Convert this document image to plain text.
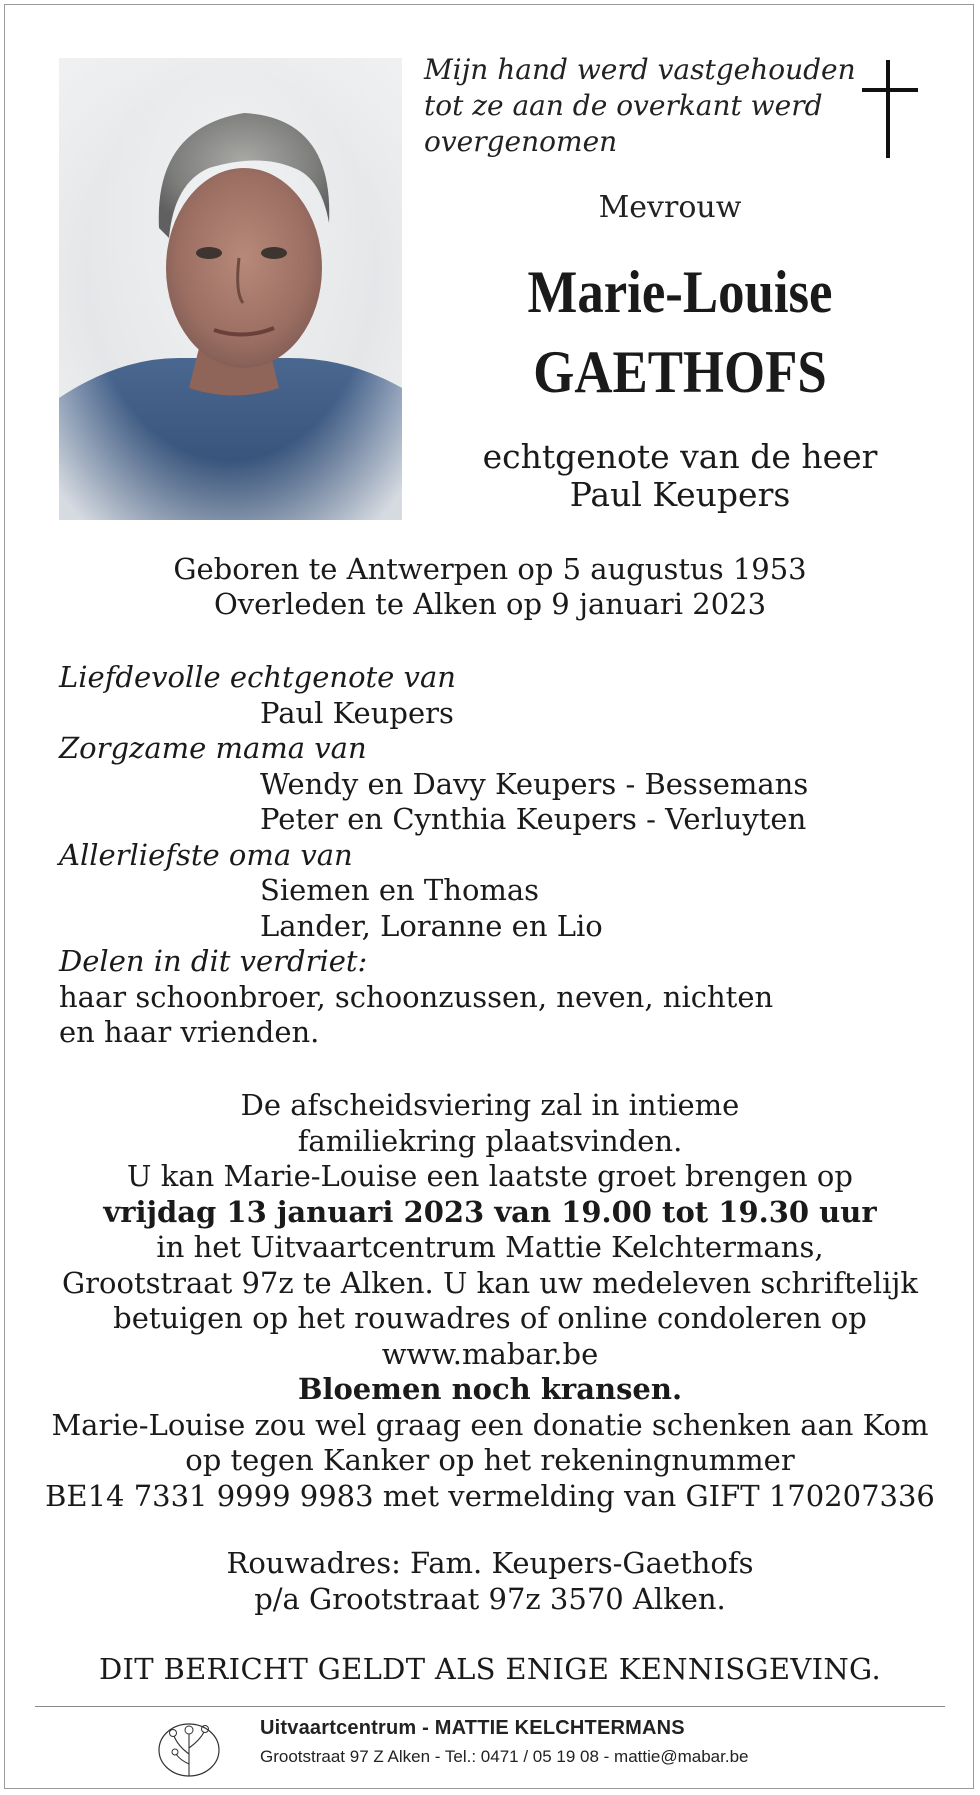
Mijn hand werd vastgehouden
tot ze aan de overkant werd
overgenomen
Mevrouw
Marie-Louise
GAETHOFS
echtgenote van de heer
Paul Keupers
Geboren te Antwerpen op 5 augustus 1953
Overleden te Alken op 9 januari 2023
Liefdevolle echtgenote van
Paul Keupers
Zorgzame mama van
Wendy en Davy Keupers - Bessemans
Peter en Cynthia Keupers - Verluyten
Allerliefste oma van
Siemen en Thomas
Lander, Loranne en Lio
Delen in dit verdriet:
haar schoonbroer, schoonzussen, neven, nichten
en haar vrienden.
De afscheidsviering zal in intieme
familiekring plaatsvinden.
U kan Marie-Louise een laatste groet brengen op
vrijdag 13 januari 2023 van 19.00 tot 19.30 uur
in het Uitvaartcentrum Mattie Kelchtermans,
Grootstraat 97z te Alken. U kan uw medeleven schriftelijk
betuigen op het rouwadres of online condoleren op
www.mabar.be
Bloemen noch kransen.
Marie-Louise zou wel graag een donatie schenken aan Kom
op tegen Kanker op het rekeningnummer
BE14 7331 9999 9983 met vermelding van GIFT 170207336
Rouwadres: Fam. Keupers-Gaethofs
p/a Grootstraat 97z 3570 Alken.
DIT BERICHT GELDT ALS ENIGE KENNISGEVING.
Uitvaartcentrum - MATTIE KELCHTERMANS
Grootstraat 97 Z Alken - Tel.: 0471 / 05 19 08 - mattie@mabar.be
